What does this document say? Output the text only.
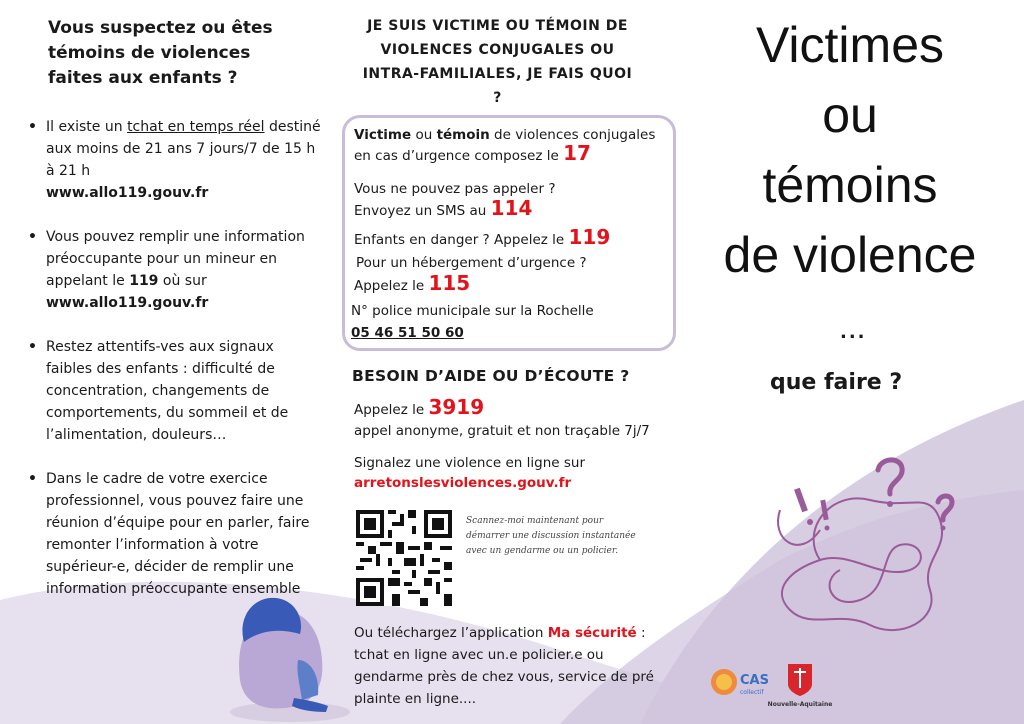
Vous suspectez ou êtes témoins de violences faites aux enfants ?
• Il existe un tchat en temps réel destiné aux moins de 21 ans 7 jours/7 de 15 h à 21 h
www.allo119.gouv.fr
• Vous pouvez remplir une information préoccupante pour un mineur en appelant le 119 où sur
www.allo119.gouv.fr
• Restez attentifs-ves aux signaux faibles des enfants : difficulté de concentration, changements de comportements, du sommeil et de l’alimentation, douleurs…
• Dans le cadre de votre exercice professionnel, vous pouvez faire une réunion d’équipe pour en parler, faire remonter l’information à votre supérieur-e, décider de remplir une information préoccupante ensemble
JE SUIS VICTIME OU TÉMOIN DE VIOLENCES CONJUGALES OU INTRA-FAMILIALES, JE FAIS QUOI ?
Victime ou témoin de violences conjugales
en cas d’urgence composez le 17
Vous ne pouvez pas appeler ?
Envoyez un SMS au 114
Enfants en danger ? Appelez le 119
Pour un hébergement d’urgence ?
Appelez le 115
N° police municipale sur la Rochelle
05 46 51 50 60
BESOIN D’AIDE OU D’ÉCOUTE ?
Appelez le 3919
appel anonyme, gratuit et non traçable 7j/7
Signalez une violence en ligne sur
arretonslesviolences.gouv.fr
Scannez-moi maintenant pour démarrer une discussion instantanée avec un gendarme ou un policier.
Ou téléchargez l’application Ma sécurité :
tchat en ligne avec un.e policier.e ou
gendarme près de chez vous, service de pré
plainte en ligne....
Victimes
ou
témoins
de violence
...
que faire ?
CAS
collectif
Nouvelle-Aquitaine
